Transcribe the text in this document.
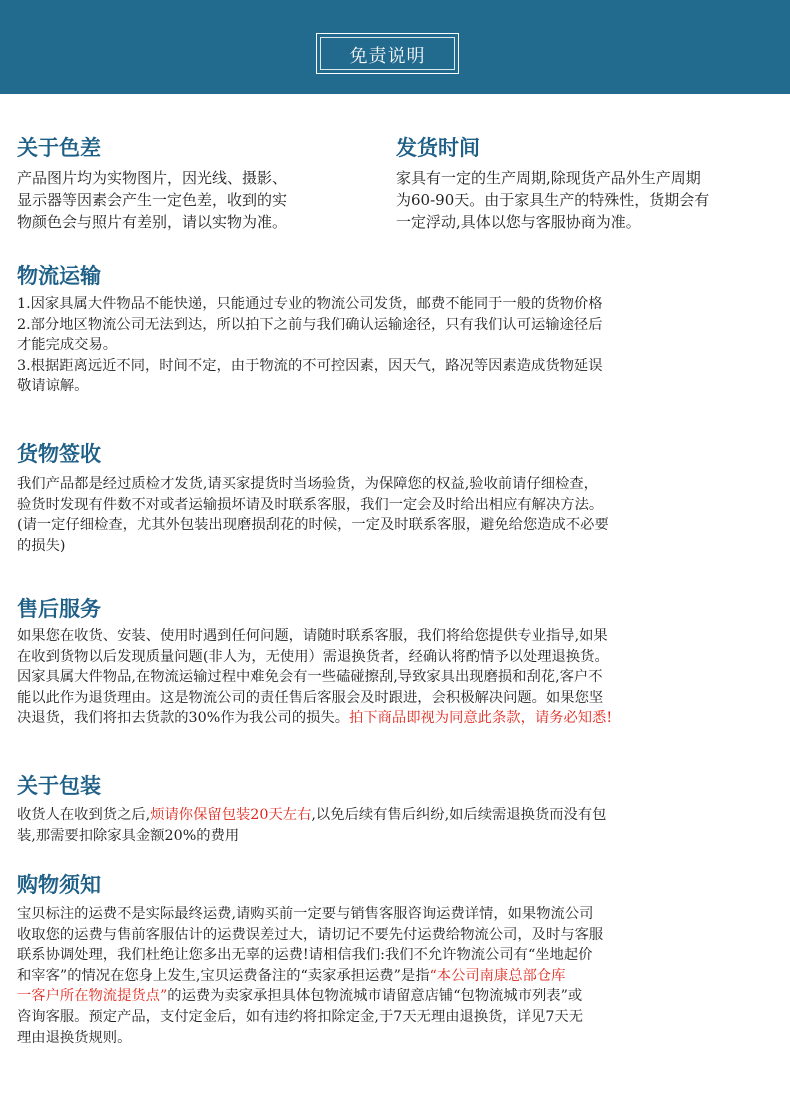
免责说明
关于色差
产品图片均为实物图片，因光线、摄影、
显示器等因素会产生一定色差，收到的实
物颜色会与照片有差别，请以实物为准。
发货时间
家具有一定的生产周期,除现货产品外生产周期
为60-90天。由于家具生产的特殊性，货期会有
一定浮动,具体以您与客服协商为准。
物流运输
1.因家具属大件物品不能快递，只能通过专业的物流公司发货，邮费不能同于一般的货物价格
2.部分地区物流公司无法到达，所以拍下之前与我们确认运输途径，只有我们认可运输途径后
才能完成交易。
3.根据距离远近不同，时间不定，由于物流的不可控因素，因天气，路况等因素造成货物延误
敬请谅解。
货物签收
我们产品都是经过质检才发货,请买家提货时当场验货，为保障您的权益,验收前请仔细检查，
验货时发现有件数不对或者运输损坏请及时联系客服，我们一定会及时给出相应有解决方法。
(请一定仔细检查，尤其外包装出现磨损刮花的时候，一定及时联系客服，避免给您造成不必要
的损失)
售后服务
如果您在收货、安装、使用时遇到任何问题，请随时联系客服，我们将给您提供专业指导,如果
在收到货物以后发现质量问题(非人为，无使用）需退换货者，经确认将酌情予以处理退换货。
因家具属大件物品,在物流运输过程中难免会有一些磕碰擦刮,导致家具出现磨损和刮花,客户不
能以此作为退货理由。这是物流公司的责任售后客服会及时跟进，会积极解决问题。如果您坚
决退货，我们将扣去货款的30%作为我公司的损失。拍下商品即视为同意此条款，请务必知悉!
关于包装
收货人在收到货之后,烦请你保留包装20天左右,以免后续有售后纠纷,如后续需退换货而没有包
装,那需要扣除家具金额20%的费用
购物须知
宝贝标注的运费不是实际最终运费,请购买前一定要与销售客服咨询运费详情，如果物流公司
收取您的运费与售前客服估计的运费误差过大，请切记不要先付运费给物流公司，及时与客服
联系协调处理，我们杜绝让您多出无辜的运费!请相信我们:我们不允许物流公司有“坐地起价
和宰客”的情况在您身上发生,宝贝运费备注的“卖家承担运费”是指“本公司南康总部仓库
一客户所在物流提货点”的运费为卖家承担具体包物流城市请留意店铺“包物流城市列表”或
咨询客服。预定产品，支付定金后，如有违约将扣除定金,于7天无理由退换货，详见7天无
理由退换货规则。
